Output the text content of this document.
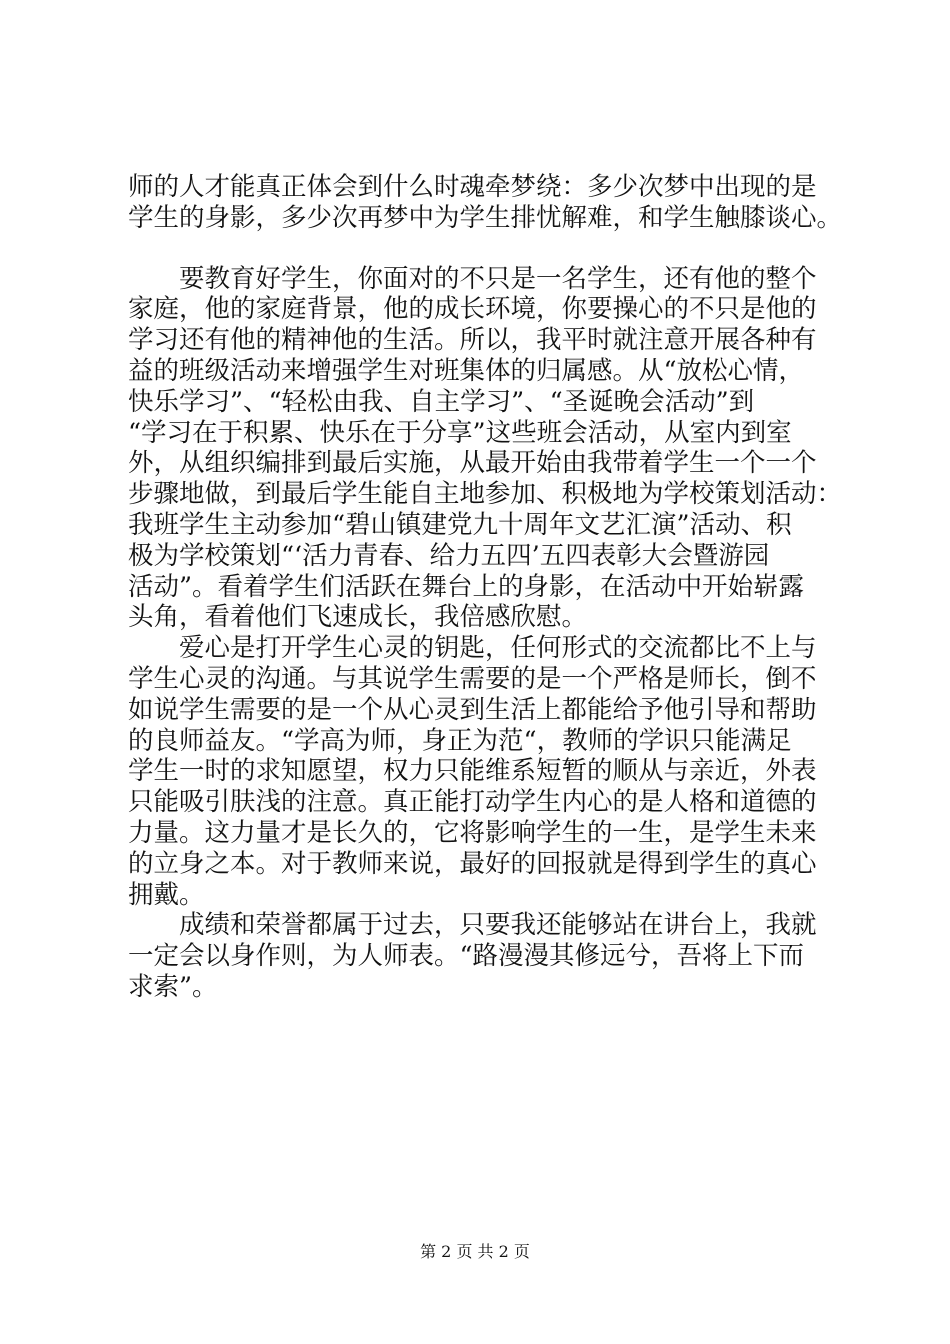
师的人才能真正体会到什么时魂牵梦绕：多少次梦中出现的是
学生的身影，多少次再梦中为学生排忧解难，和学生触膝谈心。
　　要教育好学生，你面对的不只是一名学生，还有他的整个
家庭，他的家庭背景，他的成长环境，你要操心的不只是他的
学习还有他的精神他的生活。所以，我平时就注意开展各种有
益的班级活动来增强学生对班集体的归属感。从“放松心情，
快乐学习”、“轻松由我、自主学习”、“圣诞晚会活动”到
“学习在于积累、快乐在于分享”这些班会活动，从室内到室
外，从组织编排到最后实施，从最开始由我带着学生一个一个
步骤地做，到最后学生能自主地参加、积极地为学校策划活动：
我班学生主动参加“碧山镇建党九十周年文艺汇演”活动、积
极为学校策划“‘活力青春、给力五四’五四表彰大会暨游园
活动”。看着学生们活跃在舞台上的身影，在活动中开始崭露
头角，看着他们飞速成长，我倍感欣慰。
　　爱心是打开学生心灵的钥匙，任何形式的交流都比不上与
学生心灵的沟通。与其说学生需要的是一个严格是师长，倒不
如说学生需要的是一个从心灵到生活上都能给予他引导和帮助
的良师益友。“学高为师，身正为范“，教师的学识只能满足
学生一时的求知愿望，权力只能维系短暂的顺从与亲近，外表
只能吸引肤浅的注意。真正能打动学生内心的是人格和道德的
力量。这力量才是长久的，它将影响学生的一生，是学生未来
的立身之本。对于教师来说，最好的回报就是得到学生的真心
拥戴。
　　成绩和荣誉都属于过去，只要我还能够站在讲台上，我就
一定会以身作则，为人师表。“路漫漫其修远兮，吾将上下而
求索”。
第 2 页 共 2 页
